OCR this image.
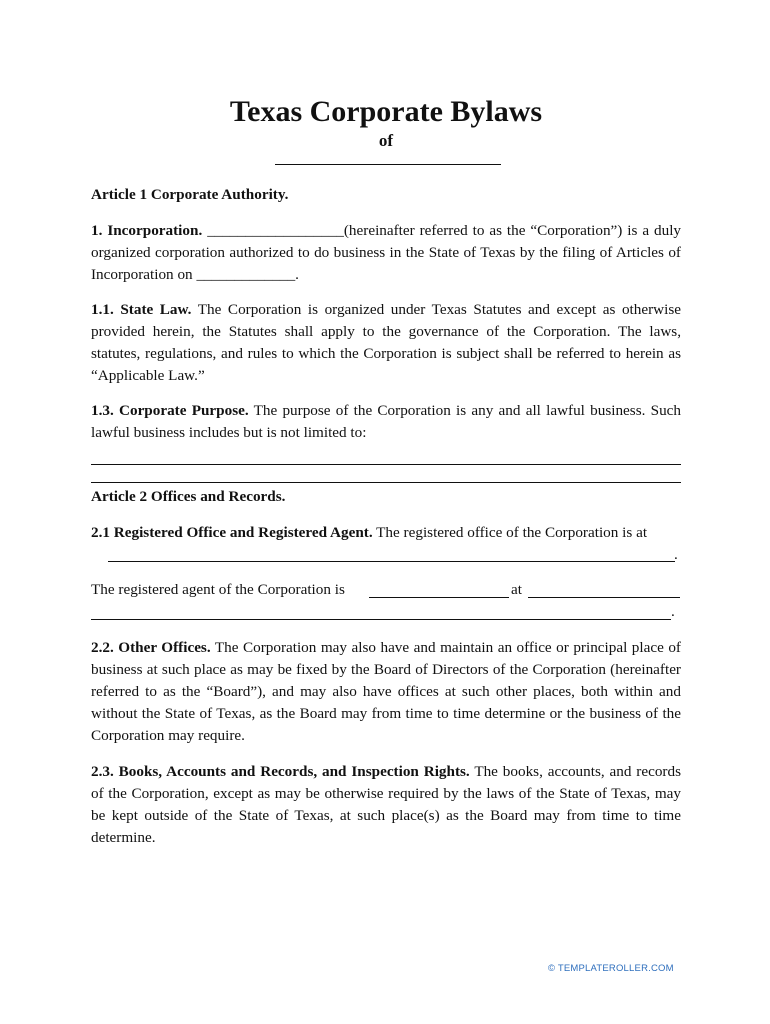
Texas Corporate Bylaws
of

Article 1 Corporate Authority.

1. Incorporation. __________________(hereinafter referred to as the “Corporation”) is a duly organized corporation authorized to do business in the State of Texas by the filing of Articles of Incorporation on _____________.

1.1. State Law. The Corporation is organized under Texas Statutes and except as otherwise provided herein, the Statutes shall apply to the governance of the Corporation. The laws, statutes, regulations, and rules to which the Corporation is subject shall be referred to herein as “Applicable Law.”

1.3. Corporate Purpose. The purpose of the Corporation is any and all lawful business. Such lawful business includes but is not limited to:

Article 2 Offices and Records.

2.1 Registered Office and Registered Agent. The registered office of the Corporation is at

.

The registered agent of the Corporation is	at
.

2.2. Other Offices. The Corporation may also have and maintain an office or principal place of business at such place as may be fixed by the Board of Directors of the Corporation (hereinafter referred to as the “Board”), and may also have offices at such other places, both within and without the State of Texas, as the Board may from time to time determine or the business of the Corporation may require.

2.3. Books, Accounts and Records, and Inspection Rights. The books, accounts, and records of the Corporation, except as may be otherwise required by the laws of the State of Texas, may be kept outside of the State of Texas, at such place(s) as the Board may from time to time determine.

© TEMPLATEROLLER.COM
